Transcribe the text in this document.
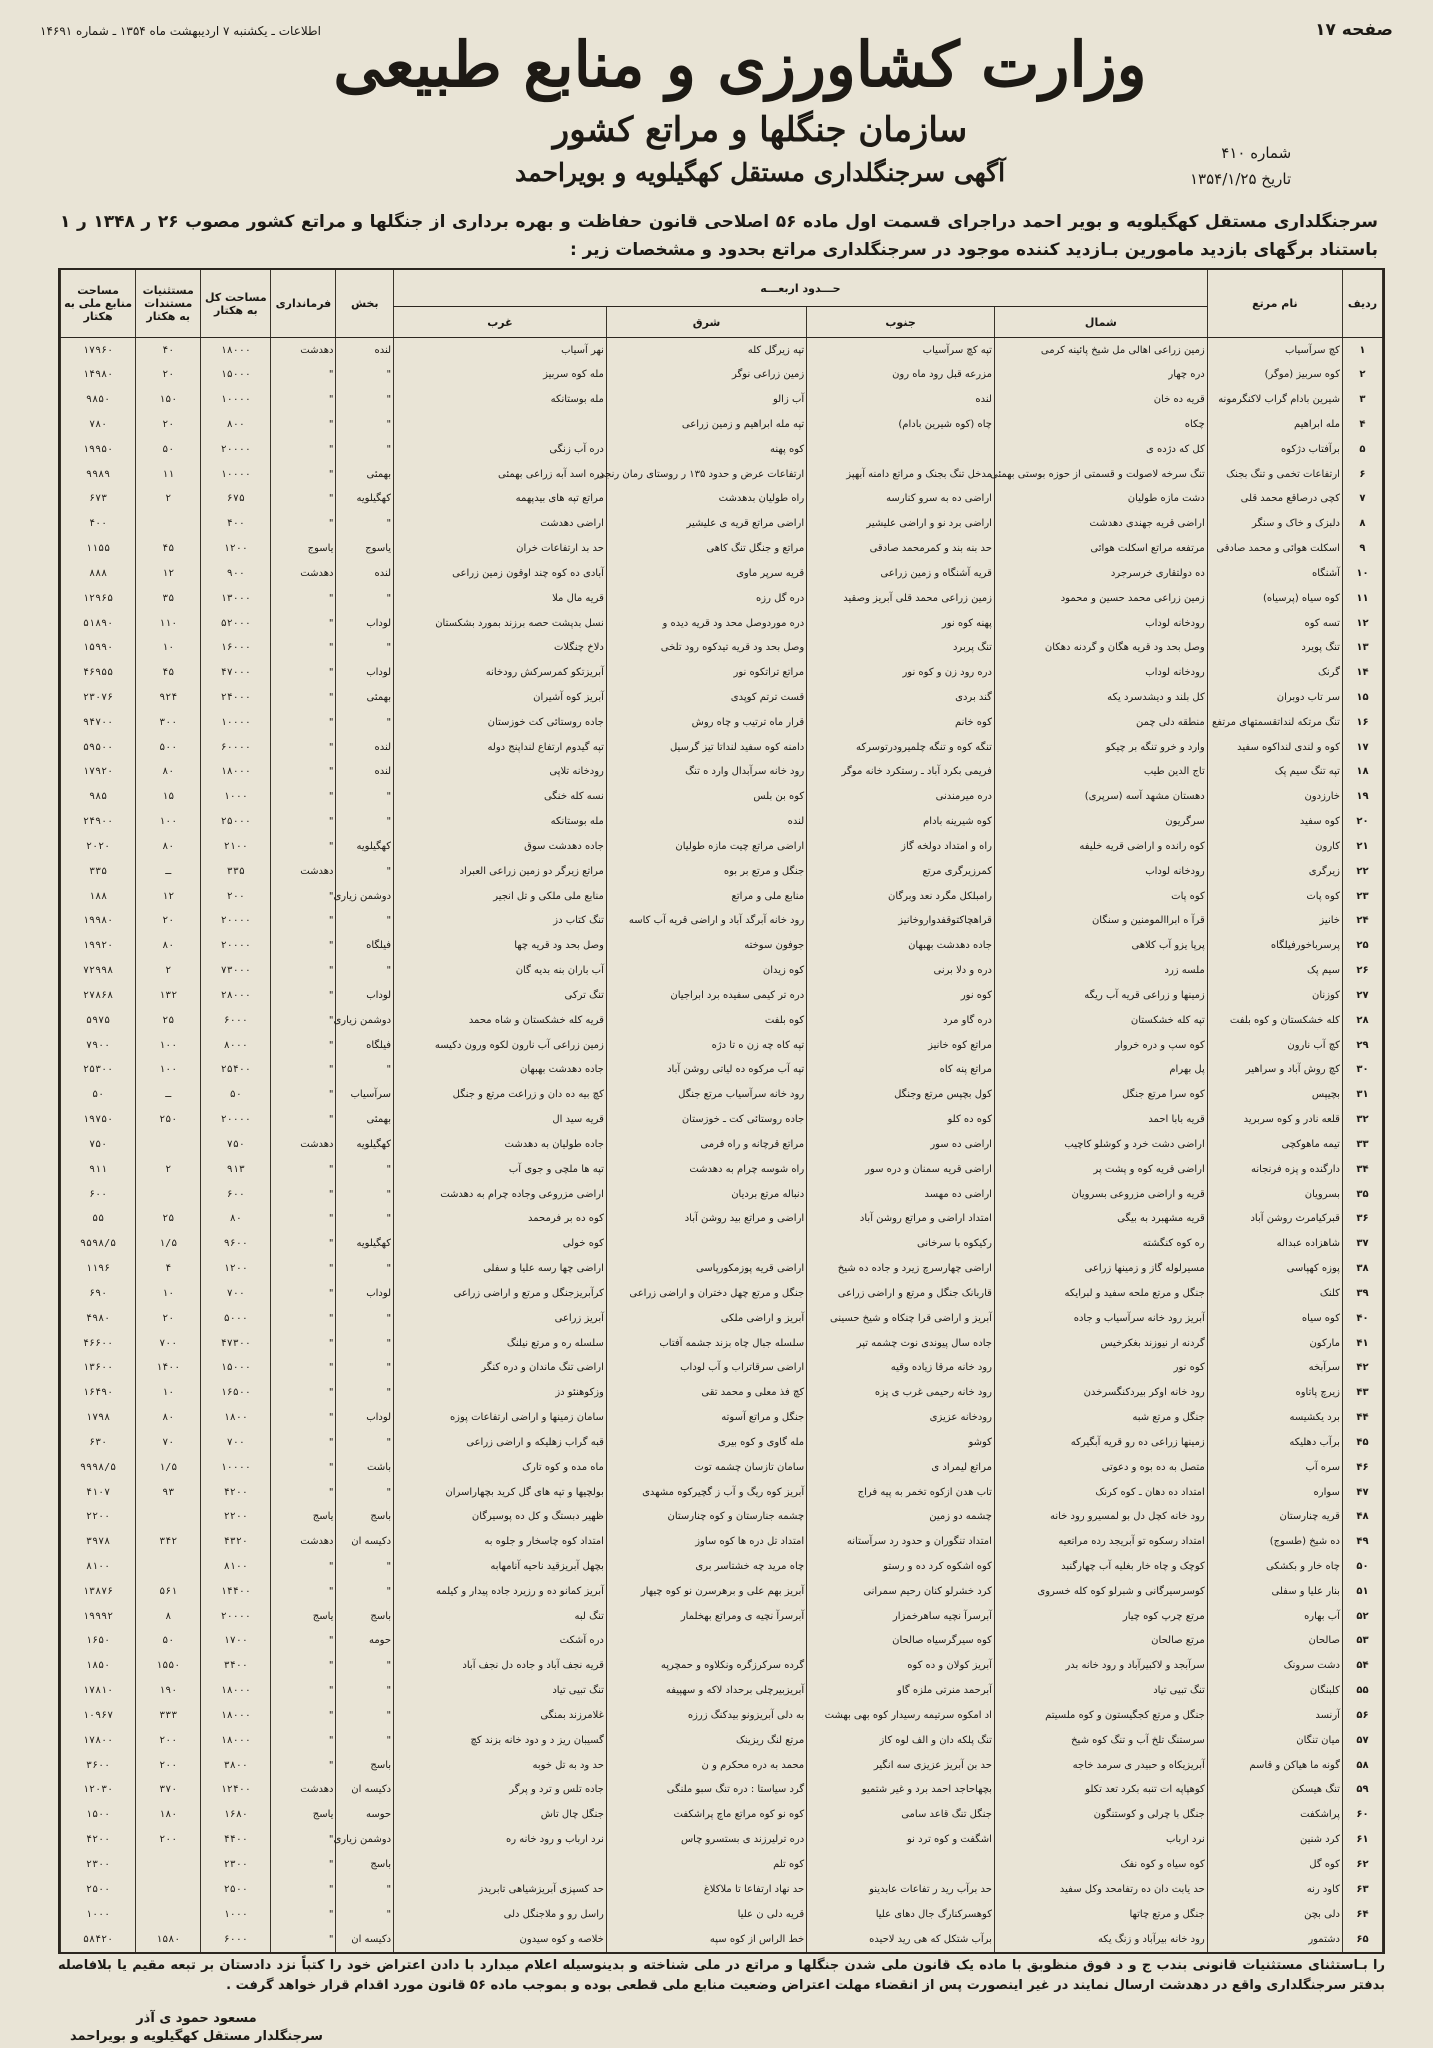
صفحه ۱۷
اطلاعات ـ یکشنبه ۷ اردیبهشت ماه ۱۳۵۴ ـ شماره ۱۴۶۹۱ وزارت کشاورزی و منابع طبیعی
سازمان جنگلها و مراتع کشور
آگهی سرجنگلداری مستقل کهگیلویه و بویراحمد
شماره ۴۱۰
تاریخ ۱۳۵۴/۱/۲۵
سرجنگلداری مستقل کهگیلویه و بویر احمد دراجرای قسمت اول ماده ۵۶ اصلاحی قانون حفاظت و بهره برداری از جنگلها و مراتع کشور مصوب ۲۶ ر ۱۳۴۸ ر ۱ باستناد برگهای بازدید مامورین بـازدید کننده موجود در سرجنگلداری مراتع بحدود و مشخصات زیر :
ردیف	نام مرتع	حـــدود اربعـــه				بخش	فرمانداری	مساحت کل به هکتار	مستثنیات مستندات به هکتار	مساحت منابع ملی به هکتار
		شمال	جنوب	شرق	غرب					
۱	کچ سرآسیاب	زمین زراعی اهالی مل شیخ پائینه کرمی	تپه کچ سرآسیاب	تپه زیرگل کله	نهر آسیاب	لنده	دهدشت	۱۸۰۰۰	۴۰	۱۷۹۶۰
۲	کوه سربیز (موگر)	دره چهار	مزرعه قبل رود ماه رون	زمین زراعی نوگر	مله کوه سربیز	"	"	۱۵۰۰۰	۲۰	۱۴۹۸۰
۳	شیرین بادام گراب لاکنگرمونه	قریه ده خان	لنده	آب زالو	مله بوستانکه	"	"	۱۰۰۰۰	۱۵۰	۹۸۵۰
۴	مله ابراهیم	چکاه	چاه (کوه شیرین بادام)	تپه مله ابراهیم و زمین زراعی		"	"	۸۰۰	۲۰	۷۸۰
۵	برآفتاب دژکوه	کل که دژده ی		کوه پهنه	دره آب زنگی	"	"	۲۰۰۰۰	۵۰	۱۹۹۵۰
۶	ارتفاعات تخمی و تنگ بجنک	تنگ سرخه لاصولت و قسمتی از حوزه بوستی بهمئی	مدخل تنگ بجنک و مراتع دامنه آبهپز	ارتفاعات عرض و حدود ۱۳۵ ر روستای رمان رنجی	دره اسد آبه زراعی بهمئی	بهمئی	"	۱۰۰۰۰	۱۱	۹۹۸۹
۷	کچی درصاقع محمد قلی	دشت مازه طولیان	اراضی ده به سرو کنارسه	راه طولیان بدهدشت	مراتع تپه های بیدپهمه	کهگیلویه	"	۶۷۵	۲	۶۷۳
۸	دلبزک و خاک و سنگر	اراضی قریه جهندی دهدشت	اراضی برد نو و اراضی علیشیر	اراضی مراتع قریه ی علیشیر	اراضی دهدشت	"	"	۴۰۰		۴۰۰
۹	اسکلت هوائی و محمد صادقی	مرتفعه مراتع اسکلت هوائی	حد بنه بند و کمرمحمد صادقی	مراتع و جنگل تنگ کاهی	حد بد ارتفاعات خران	یاسوج	یاسوج	۱۲۰۰	۴۵	۱۱۵۵
۱۰	آشنگاه	ده دولتقاری خرسرجرد	قریه آشنگاه و زمین زراعی	قریه سرپر ماوی	آبادی ده کوه چند اوقون زمین زراعی	لنده	دهدشت	۹۰۰	۱۲	۸۸۸
۱۱	کوه سیاه (پرسیاه)	زمین زراعی محمد حسین و محمود	زمین زراعی محمد قلی آبریز وصقید	دره گل رزه	قریه مال ملا	"	"	۱۳۰۰۰	۳۵	۱۲۹۶۵
۱۲	تسه کوه	رودخانه لوداب	پهنه کوه نور	دره موردوصل محد ود قریه دیده و	نسل بدپشت حصه برزند بمورد بشکستان	لوداب	"	۵۲۰۰۰	۱۱۰	۵۱۸۹۰
۱۳	تنگ پویرد	وصل بحد ود قریه هگان و گردنه دهکان	تنگ پربرد	وصل بحد ود قریه تیدکوه رود تلخی	دلاخ چنگلات	"	"	۱۶۰۰۰	۱۰	۱۵۹۹۰
۱۴	گرنک	رودخانه لوداب	دره رود زن و کوه نور	مراتع تراتكوه نور	آبریزتکو کمرسرکش رودخانه	لوداب	"	۴۷۰۰۰	۴۵	۴۶۹۵۵
۱۵	سر تاب دوبران	کل بلند و دیشدسرد یکه	گند بردی	قست ترتم کوپدی	آبریز کوه آشیران	بهمئی	"	۲۴۰۰۰	۹۲۴	۲۳۰۷۶
۱۶	تنگ مرتکه لنداتقسمتهای مرتفع	منطقه دلی چمن	کوه خانم	قرار ماه ترتیب و چاه روش	جاده روستائی کت خوزستان	"	"	۱۰۰۰۰	۳۰۰	۹۴۷۰۰
۱۷	کوه و لندی لنداکوه سفید	وارد و خرو تنگه بر چیکو	تنگه کوه و تنگه چلمیرودرتوسرکه	دامنه کوه سفید لنداتا تیز گرسیل	تپه گیدوم ارتفاع لنداپنج دوله	لنده	"	۶۰۰۰۰	۵۰۰	۵۹۵۰۰
۱۸	تپه تنگ سیم پک	تاج الدین طیب	فریمی بکرد آباد ـ رستکرد خانه موگر	رود خانه سرآبدال وارد ه تنگ	رودخانه تلاپی	لنده	"	۱۸۰۰۰	۸۰	۱۷۹۲۰
۱۹	خارزدون	دهستان مشهد آسه (سرپری)	دره میرمندنی	کوه بن بلس	نسه کله خنگی	"	"	۱۰۰۰	۱۵	۹۸۵
۲۰	کوه سفید	سرگریون	کوه شیرینه بادام	لنده	مله بوستانکه	"	"	۲۵۰۰۰	۱۰۰	۲۴۹۰۰
۲۱	کارون	کوه رانده و اراضی قریه خلیفه	راه و امتداد دولخه گاز	اراضی مراتع چیت مازه طولیان	جاده دهدشت سوق	کهگیلویه	"	۲۱۰۰	۸۰	۲۰۲۰
۲۲	زیرگری	رودخانه لوداب	کمرزیرگری مرتع	جنگل و مرتع بر بوه	مراتع زیرگر دو زمین زراعی العبراد	"	دهدشت	۳۳۵	ـ	۳۳۵
۲۳	کوه پات	کوه پات	رامبلکل مگرد نعد وبرگان	منابع ملی و مراتع	منابع ملی ملکی و تل انجیر	دوشمن زیاری	"	۲۰۰	۱۲	۱۸۸
۲۴	خانیز	قرآ ه ابراالمومنین و سنگان	قراهچاکتوقفدواروخانیز	رود خانه آبرگد آباد و اراضی قریه آب کاسه	تنگ کتاب دز	"	"	۲۰۰۰۰	۲۰	۱۹۹۸۰
۲۵	پرسرباخورفیلگاه	پرپا یزو آب کلاهی	جاده دهدشت بهبهان	جوفون سوخته	وصل بحد ود قریه چها	فیلگاه	"	۲۰۰۰۰	۸۰	۱۹۹۲۰
۲۶	سیم پک	ملسه زرد	دره و دلا برنی	کوه زیدان	آب باران بنه بدیه گان	"	"	۷۳۰۰۰	۲	۷۲۹۹۸
۲۷	کوزنان	زمینها و زراعی قریه آب ریگه	کوه نور	دره تر کیمی سفیده برد ابراجیان	تنگ ترکی	لوداب	"	۲۸۰۰۰	۱۳۲	۲۷۸۶۸
۲۸	کله خشکستان و کوه بلفت	تپه کله خشکستان	دره گاو مرد	کوه بلفت	قریه کله خشکستان و شاه محمد	دوشمن زیاری	"	۶۰۰۰	۲۵	۵۹۷۵
۲۹	کچ آب نارون	کوه سپ و دره خروار	مراتع کوه خانیز	تپه کاه چه زن ه تا دژه	زمین زراعی آب نارون لکوه ورون دکیسه	فیلگاه	"	۸۰۰۰	۱۰۰	۷۹۰۰
۳۰	کچ روش آباد و سراهیر	پل بهرام	مراتع پنه کاه	تپه آب مرکوه ده لیاتی روشن آباد	جاده دهدشت بهبهان	"	"	۲۵۴۰۰	۱۰۰	۲۵۳۰۰
۳۱	بچیپس	کوه سرا مرتع جنگل	کول بچپس مرتع وجنگل	رود خانه سرآسیاب مرتع جنگل	کچ بیه ده دان و زراعت مرتع و جنگل	سرآسیاب	"	۵۰	ـ	۵۰
۳۲	قلعه نادر و کوه سربرید	قریه بابا احمد	کوه ده کلو	جاده روستائی کت ـ خوزستان	قریه سید ال	بهمئی	"	۲۰۰۰۰	۲۵۰	۱۹۷۵۰
۳۳	تیمه ماهوکچی	اراضی دشت خرد و کوشلو کاچیب	اراضی ده سور	مراتع قرچانه و راه فرمی	جاده طولیان به دهدشت	کهگیلویه	دهدشت	۷۵۰		۷۵۰
۳۴	دارگنده و پزه فرنجانه	اراضی قریه کوه و پشت پر	اراضی قریه سمنان و دره سور	راه شوسه چرام به دهدشت	تپه ها ملچی و جوی آب	"	"	۹۱۳	۲	۹۱۱
۳۵	بسرویان	قریه و اراضی مزروعی بسرویان	اراضی ده مهسد	دنباله مرتع بردیان	اراضی مزروعی وجاده چرام به دهدشت	"	"	۶۰۰		۶۰۰
۳۶	قبرکیامرث روشن آباد	قریه مشهبرد به بیگی	امتداد اراضی و مراتع روشن آباد	اراضی و مراتع بید روشن آباد	کوه ده بر فرمحمد	"	"	۸۰	۲۵	۵۵
۳۷	شاهزاده عبداله	ره کوه کنگشته	رکیکوه با سرخانی		کوه خولی	کهگیلویه	"	۹۶۰۰	۱/۵	۹۵۹۸/۵
۳۸	پوزه کهپاسی	مسیرلوله گاز و زمینها زراعی	اراضی چهارسرچ زیرد و جاده ده شیخ	اراضی قریه پوزمکورپاسی	اراضی چها رسه علیا و سفلی	"	"	۱۲۰۰	۴	۱۱۹۶
۳۹	کلنک	جنگل و مرتع ملحه سفید و لبرایکه	قاربانک جنگل و مرتع و اراضی زراعی	جنگل و مرتع چهل دختران و اراضی زراعی	کرآبریزجنگل و مرتع و اراضی زراعی	لوداب	"	۷۰۰	۱۰	۶۹۰
۴۰	کوه سیاه	آبریز رود خانه سرآسیاب و جاده	آبریز و اراضی قرا چنکاه و شیخ حسینی	آبریز و اراضی ملکی	آبریز زراعی	"	"	۵۰۰۰	۲۰	۴۹۸۰
۴۱	مارکون	گردنه ار نیوزند بغکرخیس	جاده سال پیوندی نوت چشمه تپر	سلسله جبال چاه بزند جشمه آفتاب	سلسله ره و مرتع نیلنگ	"	"	۴۷۳۰۰	۷۰۰	۴۶۶۰۰
۴۲	سرآبخه	کوه نور	رود خانه مرقا زیاده وقیه	اراضی سرقاتراب و آب لوداب	اراضی تنگ ماندان و دره کنگر	"	"	۱۵۰۰۰	۱۴۰۰	۱۳۶۰۰
۴۳	زیرچ پاتاوه	رود خانه اوکر بیردکنگسرخدن	رود خانه رحیمی غرب ی پزه	کچ فذ معلی و محمد تقی	وزکوهنئو دز	"	"	۱۶۵۰۰	۱۰	۱۶۴۹۰
۴۴	برد یکشیسه	جنگل و مرتع شبه	رودخانه عزیزی	جنگل و مراتع آسوته	سامان زمینها و اراضی ارتفاعات پوزه	لوداب	"	۱۸۰۰	۸۰	۱۷۹۸
۴۵	برآب دهلیکه	زمینها زراعی ده رو قریه آبگیرکه	کوشو	مله گاوی و کوه بیری	قبه گراب زهلیکه و اراضی زراعی	"	"	۷۰۰	۷۰	۶۳۰
۴۶	سره آب	متصل به ده بوه و دعوتی	مراتع لیمراد ی	سامان تازسان چشمه توت	ماه مده و کوه تارک	باشت	"	۱۰۰۰۰	۱/۵	۹۹۹۸/۵
۴۷	سواره	امتداد ده دهان ـ کوه کرنک	تاب هدن ازکوه تخمر به پیه فراج	آبریز کوه ریگ و آب ز گچیرکوه مشهدی	بولچیها و تپه های گل کرید بچهاراسران	"	"	۴۲۰۰	۹۳	۴۱۰۷
۴۸	قریه چنارستان	رود خانه کچل دل بو لمسیرو رود خانه	چشمه دو زمین	چشمه جنارستان و کوه چنارستان	ظهیر دبستگ و کل ده پوسیرگان	باسج	یاسج	۲۲۰۰		۲۲۰۰
۴۹	ده شیخ (طسوج)	امتداد رسکوه تو آبریجد رده مراتعیه	امتداد تنگوران و حدود رد سرآستانه	امتداد تل دره ها کوه ساوز	امتداد کوه چاسخار و جلوه به	دکیسه ان	دهدشت	۴۳۲۰	۳۴۲	۳۹۷۸
۵۰	چاه خار و بکشکی	کوچک و چاه خار بغلیه آب چهارگنبد	کوه اشکوه کرد ده و رستو	چاه مرید چه خشتاسر بری	بچهل آبریزقید ناحیه آنامهابه	"	"	۸۱۰۰		۸۱۰۰
۵۱	بنار علیا و سفلی	کوسرسیرگانی و شبرلو کوه کله خسروی	کرد خشرلو کنان رحیم سمرانی	آبریز بهم علی و برهرسرن نو کوه چیهار	آبریز کمانو ده و رزیرد جاده پیدار و کیلمه	"	"	۱۴۴۰۰	۵۶۱	۱۳۸۷۶
۵۲	آب بهاره	مرتع چرپ کوه چیار	آبرسرآ نچیه ساهرخمزار	آبرسرآ نچیه ی ومراتع بهخلمار	تنگ لبه	باسج	یاسج	۲۰۰۰۰	۸	۱۹۹۹۲
۵۳	صالحان	مرتع صالحان	کوه سیرگرسیاه صالحان		دره آشکت	حومه	"	۱۷۰۰	۵۰	۱۶۵۰
۵۴	دشت سرونک	سرآبجد و لاکبیرآباد و رود خانه بدر	آبریز کولان و ده کوه	گرده سرکرزگره ونکلاوه و حمچرپه	قریه نجف آباد و جاده دل نجف آباد	"	"	۳۴۰۰	۱۵۵۰	۱۸۵۰
۵۵	کلبنگان	تنگ تبیی تیاد	آبرحمد منرتی ملزه گاو	آبریزبیرچلی برحداد لاکه و سهپیفه	تنگ تبیی تیاد	"	"	۱۸۰۰۰	۱۹۰	۱۷۸۱۰
۵۶	آرنسد	جنگل و مرتع کجگیستون و کوه ملسیتم	اد امکوه سرتیمه رسیدار کوه بهی بهشت	به دلی آبریزونو بیدکنگ زرزه	غلامرزند بمنگی	"	"	۱۸۰۰۰	۳۳۳	۱۰۹۶۷
۵۷	میان تنگان	سرستنگ تلخ آب و تنگ کوه شیخ	تنگ پلکه دان و الف لوه کاز	مرتع لنگ ریزینک	گسیبان ریز د و دود خانه بزند کچ	"	"	۱۸۰۰۰	۲۰۰	۱۷۸۰۰
۵۸	گونه ما هیاکن و قاسم	آبریزیکاه و حبیدر ی سرمد خاجه	حد بن آبریز عزیزی سه انگیر	محمد به دره محکرم و ن	حد ود به تل خوبه	باسج	"	۳۸۰۰	۲۰۰	۳۶۰۰
۵۹	تنگ هیسکن	کوهپاپه ات تنبه بکرد تعد تکلو	بچهاحاجد احمد برد و غیر شتمیو	گرد سیاستا : دره تنگ سبو ملنگی	جاده تلس و ترد و پرگر	دکیسه ان	دهدشت	۱۲۴۰۰	۳۷۰	۱۲۰۳۰
۶۰	پراشکفت	جنگل با چرلی و کوستنگون	جنگل تنگ قاعد سامی	کوه نو کوه مراتع ماچ پراشکفت	جنگل چال تاش	حوسه	یاسج	۱۶۸۰	۱۸۰	۱۵۰۰
۶۱	کرد شنین	نرد ارباب	اشگفت و کوه ترد نو	دره ترلیرزند ی بستسرو چاس	نرد ارباب و رود خانه ره	دوشمن زیاری	"	۴۴۰۰	۲۰۰	۴۲۰۰
۶۲	کوه گل	کوه سیاه و کوه نفک		کوه تلم		باسج	"	۲۳۰۰		۲۳۰۰
۶۳	کاود رنه	حد یابت دان ده رتفامحد وکل سفید	حد برآب رید ر تفاعات عابدینو	حد نهاد ارتفاعا تا ملاکلاغ	حد کسپزی آبریزشیاهی تابریدز	"	"	۲۵۰۰		۲۵۰۰
۶۴	دلی بچن	جنگل و مرتع چاتها	کوهسرکنارگ جال دهای علیا	قریه دلی ن علیا	راسل رو و ملاجنگل دلی	"	"	۱۰۰۰		۱۰۰۰
۶۵	دشتمور	رود خانه بیرآباد و زنگ یکه	برآب شتکل که هی رید لاحیده	خط الراس از کوه سپه	خلاصه و کوه سیدون	دکیسه ان	"	۶۰۰۰	۱۵۸۰	۵۸۴۲۰
را بـاستثنای مستثنیات قانونی بندب ج و د فوق منظوبق با ماده یک قانون ملی شدن جنگلها و مراتع در ملی شناخته و بدینوسیله اعلام میدارد با دادن اعتراض خود را کتباً نزد دادستان بر تبعه مقیم یا بلافاصله بدفتر سرجنگلداری واقع در دهدشت ارسال نمایند در غیر اینصورت پس از انقضاء مهلت اعتراض وضعیت منابع ملی قطعی بوده و بموجب ماده ۵۶ قانون مورد اقدام قرار خواهد گرفت .
مسعود حمود ی آذر
سرجنگلدار مستقل کهگیلویه و بویراحمد
